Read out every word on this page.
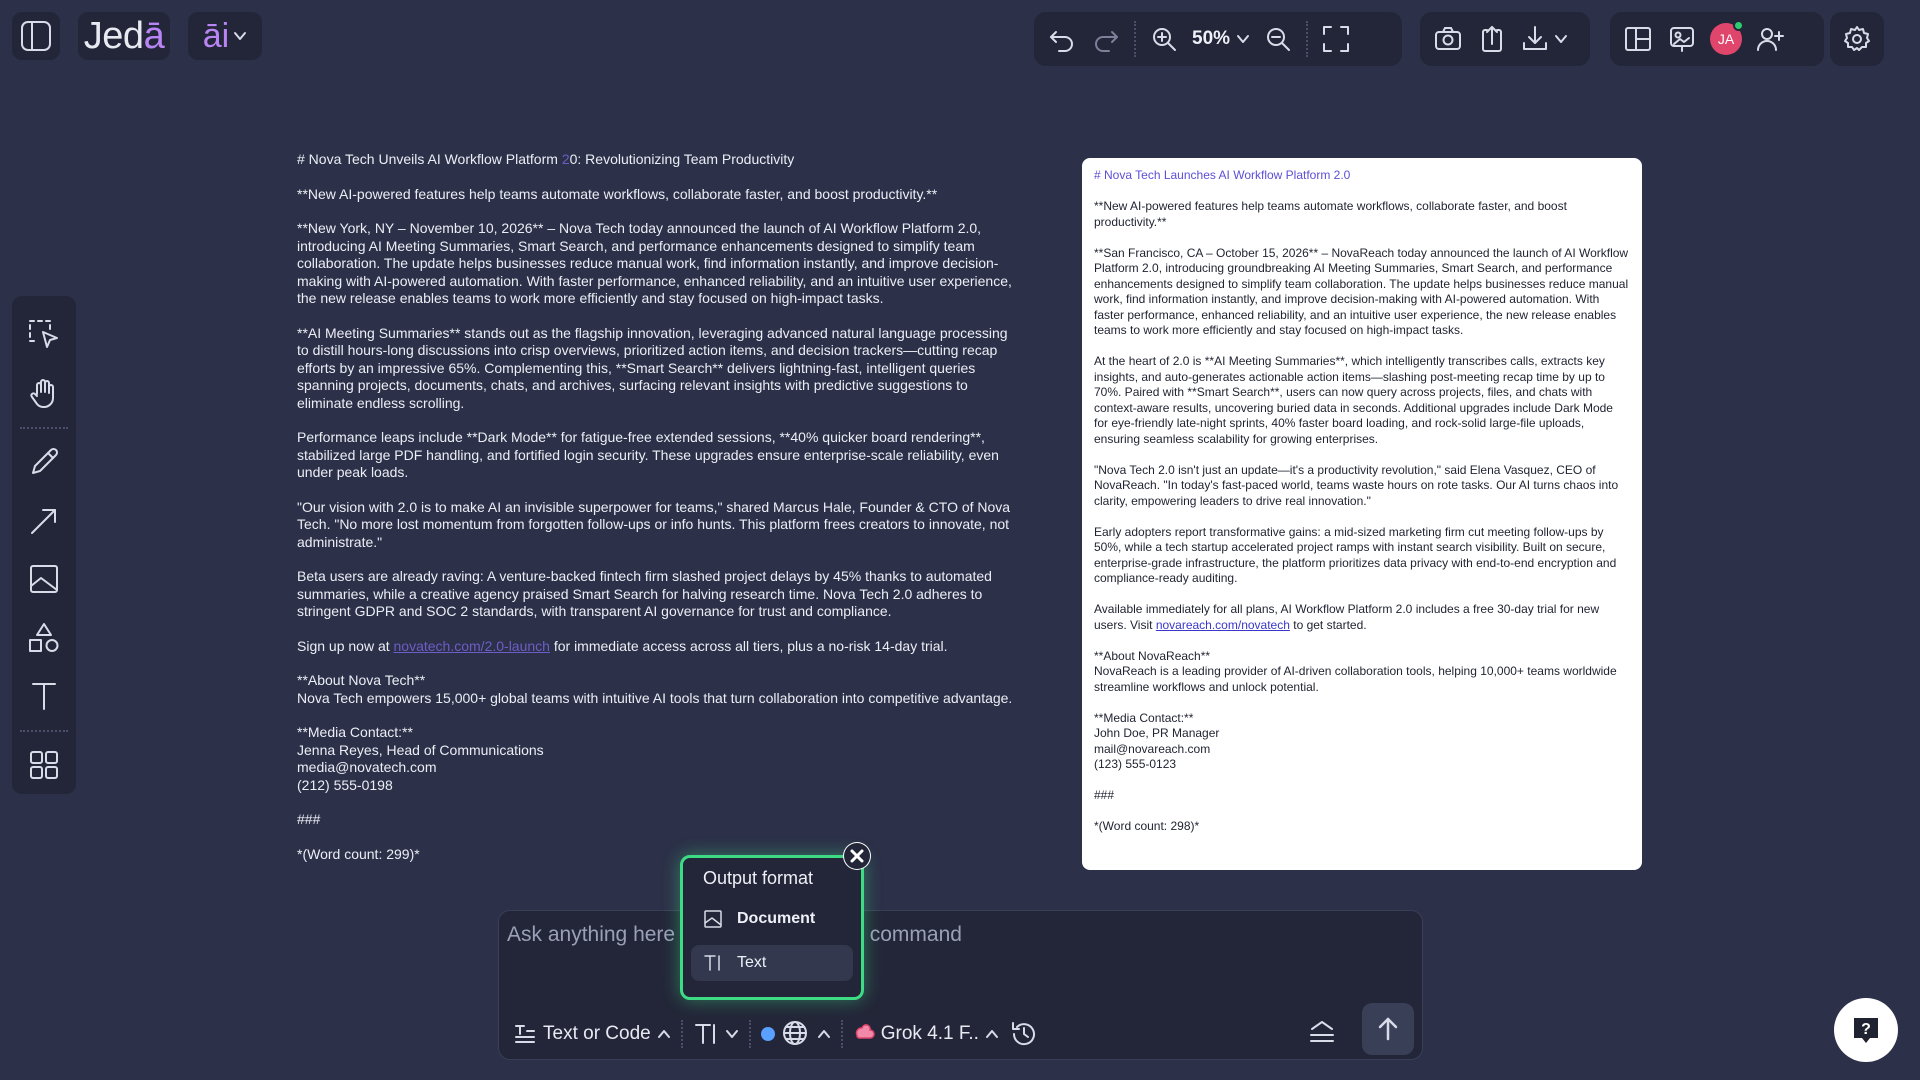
Jed ā āi	50%	JA

# Nova Tech Unveils AI Workflow Platform 20: Revolutionizing Team Productivity

**New AI-powered features help teams automate workflows, collaborate faster, and boost productivity.**

**New York, NY – November 10, 2026** – Nova Tech today announced the launch of AI Workflow Platform 2.0, introducing AI Meeting Summaries, Smart Search, and performance enhancements designed to simplify team collaboration. The update helps businesses reduce manual work, find information instantly, and improve decision-making with AI-powered automation. With faster performance, enhanced reliability, and an intuitive user experience, the new release enables teams to work more efficiently and stay focused on high-impact tasks.

**AI Meeting Summaries** stands out as the flagship innovation, leveraging advanced natural language processing to distill hours-long discussions into crisp overviews, prioritized action items, and decision trackers—cutting recap efforts by an impressive 65%. Complementing this, **Smart Search** delivers lightning-fast, intelligent queries spanning projects, documents, chats, and archives, surfacing relevant insights with predictive suggestions to eliminate endless scrolling.

Performance leaps include **Dark Mode** for fatigue-free extended sessions, **40% quicker board rendering**, stabilized large PDF handling, and fortified login security. These upgrades ensure enterprise-scale reliability, even under peak loads.

"Our vision with 2.0 is to make AI an invisible superpower for teams," shared Marcus Hale, Founder & CTO of Nova Tech. "No more lost momentum from forgotten follow-ups or info hunts. This platform frees creators to innovate, not administrate."

Beta users are already raving: A venture-backed fintech firm slashed project delays by 45% thanks to automated summaries, while a creative agency praised Smart Search for halving research time. Nova Tech 2.0 adheres to stringent GDPR and SOC 2 standards, with transparent AI governance for trust and compliance.

Sign up now at novatech.com/2.0-launch for immediate access across all tiers, plus a no-risk 14-day trial.

**About Nova Tech**
Nova Tech empowers 15,000+ global teams with intuitive AI tools that turn collaboration into competitive advantage.

**Media Contact:**
Jenna Reyes, Head of Communications
media@novatech.com
(212) 555-0198

###

*(Word count: 299)*

# Nova Tech Launches AI Workflow Platform 2.0

**New AI-powered features help teams automate workflows, collaborate faster, and boost productivity.**

**San Francisco, CA – October 15, 2026** – NovaReach today announced the launch of AI Workflow Platform 2.0, introducing groundbreaking AI Meeting Summaries, Smart Search, and performance enhancements designed to simplify team collaboration. The update helps businesses reduce manual work, find information instantly, and improve decision-making with AI-powered automation. With faster performance, enhanced reliability, and an intuitive user experience, the new release enables teams to work more efficiently and stay focused on high-impact tasks.

At the heart of 2.0 is **AI Meeting Summaries**, which intelligently transcribes calls, extracts key insights, and auto-generates actionable action items—slashing post-meeting recap time by up to 70%. Paired with **Smart Search**, users can now query across projects, files, and chats with context-aware results, uncovering buried data in seconds. Additional upgrades include Dark Mode for eye-friendly late-night sprints, 40% faster board loading, and rock-solid large-file uploads, ensuring seamless scalability for growing enterprises.

"Nova Tech 2.0 isn't just an update—it's a productivity revolution," said Elena Vasquez, CEO of NovaReach. "In today's fast-paced world, teams waste hours on rote tasks. Our AI turns chaos into clarity, empowering leaders to drive real innovation."

Early adopters report transformative gains: a mid-sized marketing firm cut meeting follow-ups by 50%, while a tech startup accelerated project ramps with instant search visibility. Built on secure, enterprise-grade infrastructure, the platform prioritizes data privacy with end-to-end encryption and compliance-ready auditing.

Available immediately for all plans, AI Workflow Platform 2.0 includes a free 30-day trial for new users. Visit novareach.com/novatech to get started.

**About NovaReach**
NovaReach is a leading provider of AI-driven collaboration tools, helping 10,000+ teams worldwide streamline workflows and unlock potential.

**Media Contact:**
John Doe, PR Manager
mail@novareach.com
(123) 555-0123

###

*(Word count: 298)*

Ask anything here or use with slash "/" command
Text or Code	Grok 4.1 F..
Output format
Document
Text
?
